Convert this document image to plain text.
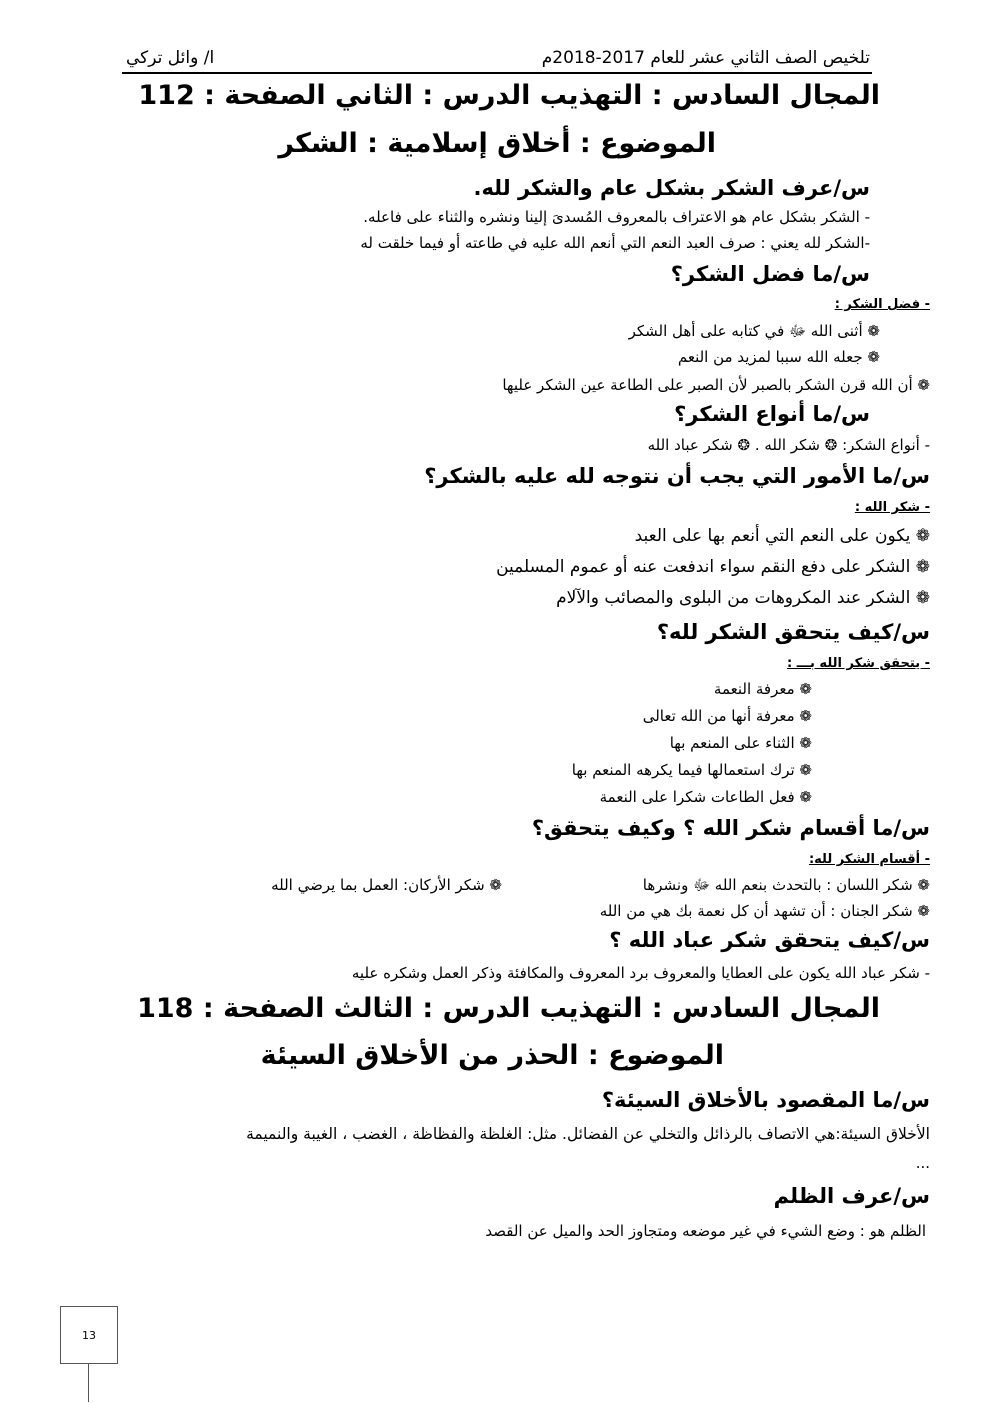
تلخيص الصف الثاني عشر للعام 2017-2018م
ا/ وائل تركي
المجال السادس : التهذيب الدرس : الثاني الصفحة : 112
الموضوع : أخلاق إسلامية : الشكر
س/عرف الشكر بشكل عام والشكر لله.
- الشكر بشكل عام هو الاعتراف بالمعروف المُسدىَ إلينا ونشره والثناء على فاعله.
-الشكر لله يعني : صرف العبد النعم التي أنعم الله عليه في طاعته أو فيما خلقت له
س/ما فضل الشكر؟
- فضل الشكر :
❁ أثنى الله ﷻ في كتابه على أهل الشكر
❁ جعله الله سببا لمزيد من النعم
❁ أن الله قرن الشكر بالصبر لأن الصبر على الطاعة عين الشكر عليها
س/ما أنواع الشكر؟
- أنواع الشكر: ❂ شكر الله . ❂ شكر عباد الله
س/ما الأمور التي يجب أن نتوجه لله عليه بالشكر؟
- شكر الله :
❁ يكون على النعم التي أنعم بها على العبد
❁ الشكر على دفع النقم سواء اندفعت عنه أو عموم المسلمين
❁ الشكر عند المكروهات من البلوى والمصائب والآلام
س/كيف يتحقق الشكر لله؟
- يتحقق شكر الله بـــ :
❁ معرفة النعمة
❁ معرفة أنها من الله تعالى
❁ الثناء على المنعم بها
❁ ترك استعمالها فيما يكرهه المنعم بها
❁ فعل الطاعات شكرا على النعمة
س/ما أقسام شكر الله ؟ وكيف يتحقق؟
- أقسام الشكر لله:
❁ شكر اللسان : بالتحدث بنعم الله ﷻ ونشرها
❁ شكر الأركان: العمل بما يرضي الله
❁ شكر الجنان : أن تشهد أن كل نعمة بك هي من الله
س/كيف يتحقق شكر عباد الله ؟
- شكر عباد الله يكون على العطايا والمعروف برد المعروف والمكافئة وذكر العمل وشكره عليه
المجال السادس : التهذيب الدرس : الثالث الصفحة : 118
الموضوع : الحذر من الأخلاق السيئة
س/ما المقصود بالأخلاق السيئة؟
الأخلاق السيئة:هي الاتصاف بالرذائل والتخلي عن الفضائل. مثل: الغلظة والفظاظة ، الغضب ، الغيبة والنميمة
...
س/عرف الظلم
الظلم هو : وضع الشيء في غير موضعه ومتجاوز الحد والميل عن القصد
13
